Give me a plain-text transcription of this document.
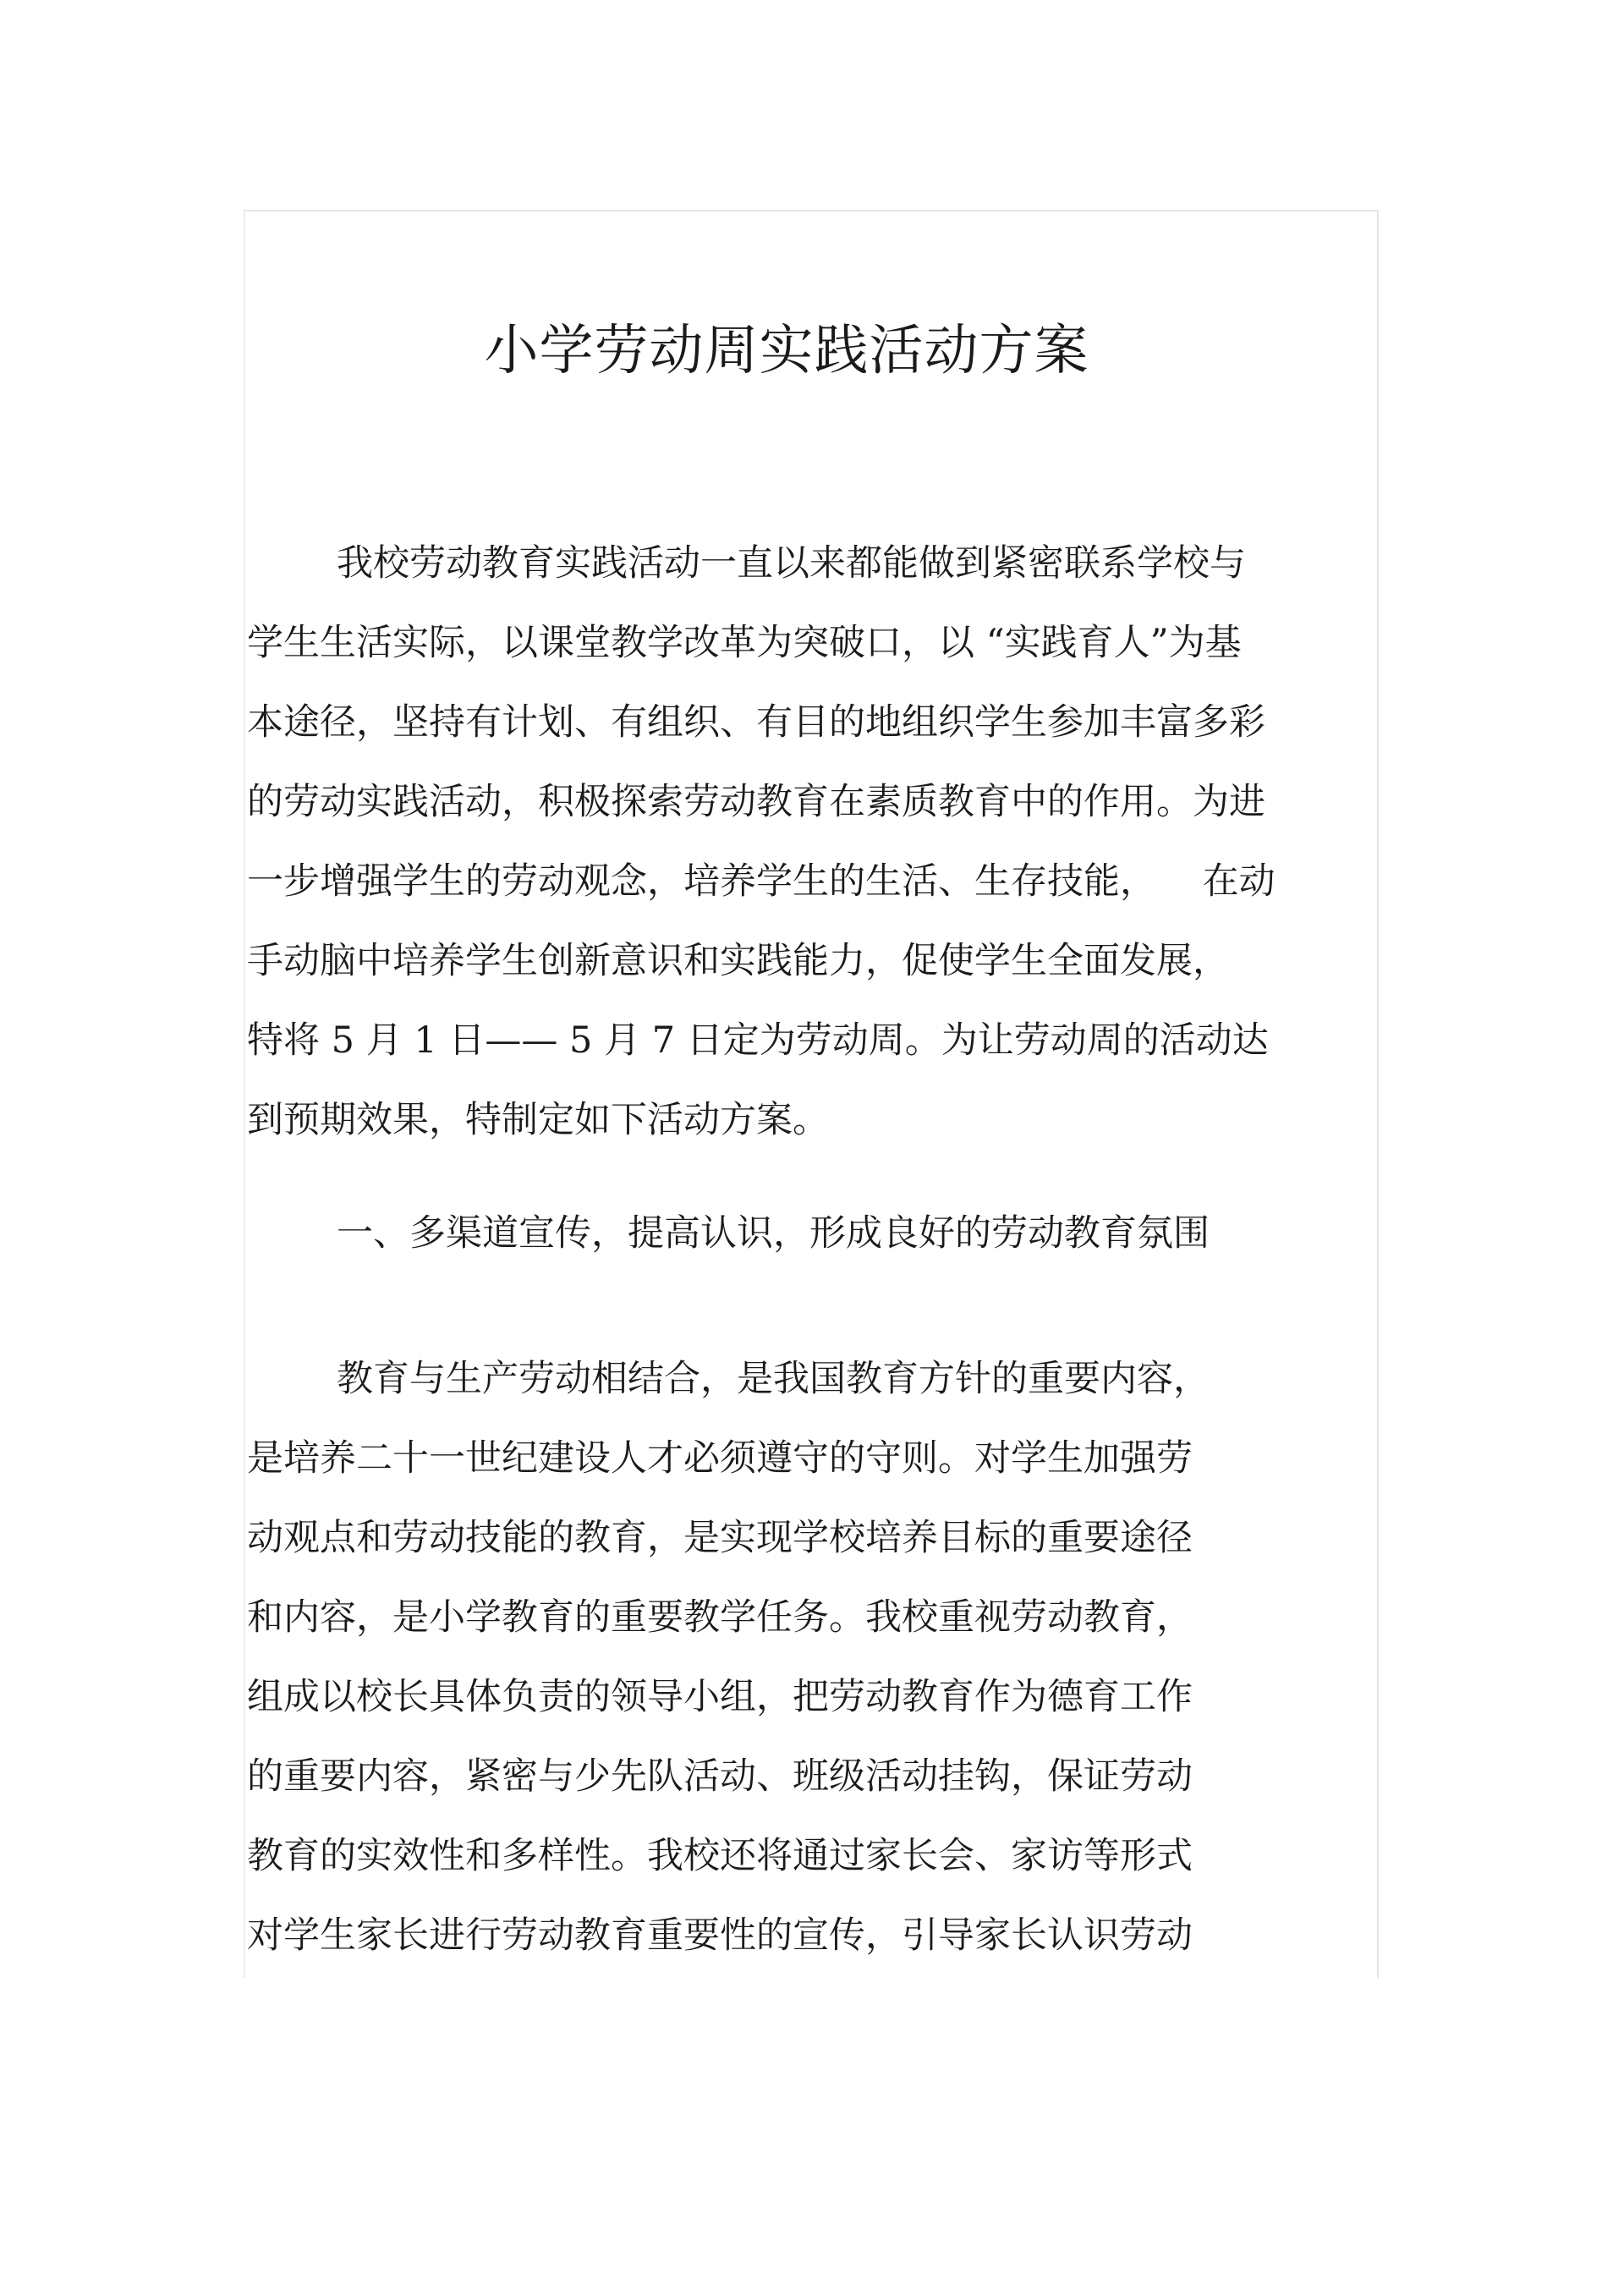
小学劳动周实践活动方案

我校劳动教育实践活动一直以来都能做到紧密联系学校与

学生生活实际，以课堂教学改革为突破口，以 “实践育人”为基

本途径，坚持有计划、有组织、有目的地组织学生参加丰富多彩

的劳动实践活动，积极探索劳动教育在素质教育中的作用。为进

一步增强学生的劳动观念，培养学生的生活、生存技能，    在动

手动脑中培养学生创新意识和实践能力，促使学生全面发展，

特将 5 月 1 日—— 5 月 7 日定为劳动周。为让劳动周的活动达

到预期效果，特制定如下活动方案。

一、多渠道宣传，提高认识，形成良好的劳动教育氛围

教育与生产劳动相结合，是我国教育方针的重要内容，

是培养二十一世纪建设人才必须遵守的守则。对学生加强劳

动观点和劳动技能的教育，是实现学校培养目标的重要途径

和内容，是小学教育的重要教学任务。我校重视劳动教育，

组成以校长具体负责的领导小组，把劳动教育作为德育工作

的重要内容，紧密与少先队活动、班级活动挂钩，保证劳动

教育的实效性和多样性。我校还将通过家长会、家访等形式

对学生家长进行劳动教育重要性的宣传，引导家长认识劳动
